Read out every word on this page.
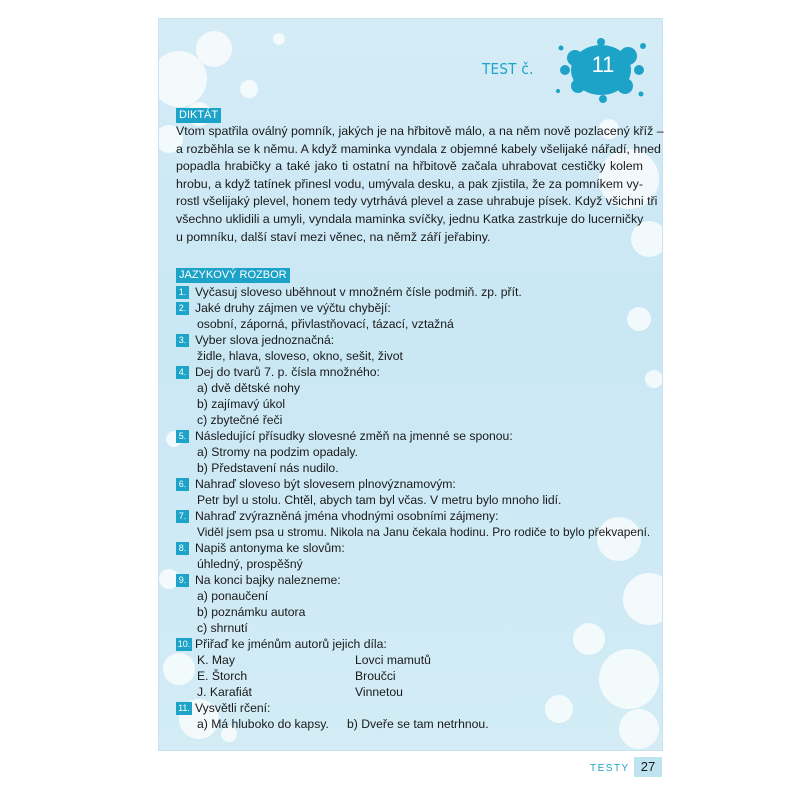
TEST č.	11
DIKTÁT
Vtom spatřila oválný pomník, jakých je na hřbitově málo, a na něm nově pozlacený kříž –
a rozběhla se k němu. A když maminka vyndala z objemné kabely všelijaké nářadí, hned
popadla hrabičky a také jako ti ostatní na hřbitově začala uhrabovat cestičky kolem
hrobu, a když tatínek přinesl vodu, umývala desku, a pak zjistila, že za pomníkem vy-
rostl všelijaký plevel, honem tedy vytrhává plevel a zase uhrabuje písek. Když všichni tři
všechno uklidili a umyli, vyndala maminka svíčky, jednu Katka zastrkuje do lucerničky
u pomníku, další staví mezi věnec, na němž září jeřabiny.
JAZYKOVÝ ROZBOR
1. Vyčasuj sloveso uběhnout v množném čísle podmiň. zp. přít.
2. Jaké druhy zájmen ve výčtu chybějí:
osobní, záporná, přivlastňovací, tázací, vztažná
3. Vyber slova jednoznačná:
židle, hlava, sloveso, okno, sešit, život
4. Dej do tvarů 7. p. čísla množného:
a) dvě dětské nohy
b) zajímavý úkol
c) zbytečné řeči
5. Následující přísudky slovesné změň na jmenné se sponou:
a) Stromy na podzim opadaly.
b) Představení nás nudilo.
6. Nahraď sloveso být slovesem plnovýznamovým:
Petr byl u stolu. Chtěl, abych tam byl včas. V metru bylo mnoho lidí.
7. Nahraď zvýrazněná jména vhodnými osobními zájmeny:
Viděl jsem psa u stromu. Nikola na Janu čekala hodinu. Pro rodiče to bylo překvapení.
8. Napiš antonyma ke slovům:
úhledný, prospěšný
9. Na konci bajky nalezneme:
a) ponaučení
b) poznámku autora
c) shrnutí
10. Přiřaď ke jménům autorů jejich díla:
K. May
E. Štorch
J. Karafiát
Lovci mamutů
Broučci
Vinnetou
11. Vysvětli rčení:
a) Má hluboko do kapsy. b) Dveře se tam netrhnou.
TESTY 27
